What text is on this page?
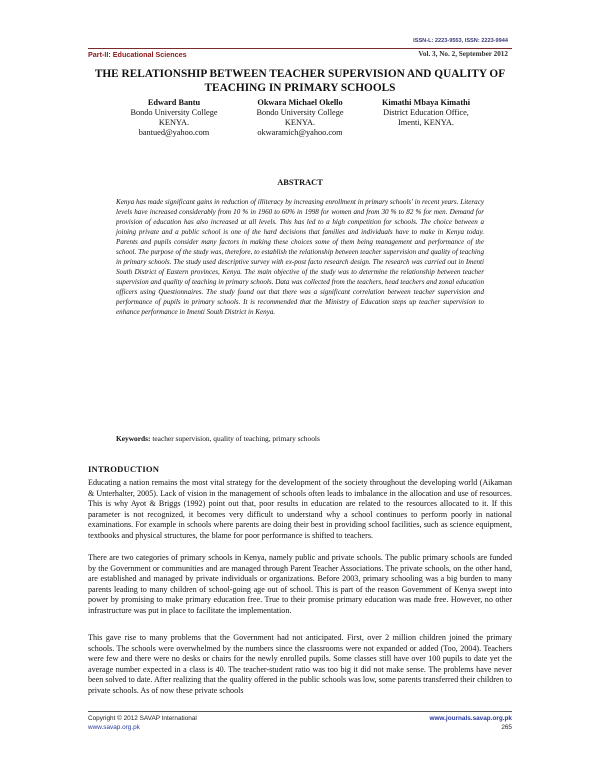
ISSN-L: 2223-9553, ISSN: 2223-9944
Part-II: Educational Sciences	Vol. 3, No. 2, September 2012
THE RELATIONSHIP BETWEEN TEACHER SUPERVISION AND QUALITY OF TEACHING IN PRIMARY SCHOOLS
Edward Bantu
Bondo University College
KENYA.
bantued@yahoo.com
Okwara Michael Okello
Bondo University College
KENYA.
okwaramich@yahoo.com
Kimathi Mbaya Kimathi
District Education Office,
Imenti, KENYA.
ABSTRACT
Kenya has made significant gains in reduction of illiteracy by increasing enrollment in primary schools' in recent years. Literacy levels have increased considerably from 10 % in 1960 to 60% in 1998 for women and from 30 % to 82 % for men. Demand for provision of education has also increased at all levels. This has led to a high competition for schools. The choice between a joining private and a public school is one of the hard decisions that families and individuals have to make in Kenya today. Parents and pupils consider many factors in making these choices some of them being management and performance of the school. The purpose of the study was, therefore, to establish the relationship between teacher supervision and quality of teaching in primary schools. The study used descriptive survey with ex-post facto research design. The research was carried out in Imenti South District of Eastern provinces, Kenya. The main objective of the study was to determine the relationship between teacher supervision and quality of teaching in primary schools. Data was collected from the teachers, head teachers and zonal education officers using Questionnaires. The study found out that there was a significant correlation between teacher supervision and performance of pupils in primary schools. It is recommended that the Ministry of Education steps up teacher supervision to enhance performance in Imenti South District in Kenya.
Keywords: teacher supervision, quality of teaching, primary schools
INTRODUCTION
Educating a nation remains the most vital strategy for the development of the society throughout the developing world (Aikaman & Unterhalter, 2005). Lack of vision in the management of schools often leads to imbalance in the allocation and use of resources. This is why Ayot & Briggs (1992) point out that, poor results in education are related to the resources allocated to it. If this parameter is not recognized, it becomes very difficult to understand why a school continues to perform poorly in national examinations. For example in schools where parents are doing their best in providing school facilities, such as science equipment, textbooks and physical structures, the blame for poor performance is shifted to teachers.
There are two categories of primary schools in Kenya, namely public and private schools. The public primary schools are funded by the Government or communities and are managed through Parent Teacher Associations. The private schools, on the other hand, are established and managed by private individuals or organizations. Before 2003, primary schooling was a big burden to many parents leading to many children of school-going age out of school. This is part of the reason Government of Kenya swept into power by promising to make primary education free. True to their promise primary education was made free. However, no other infrastructure was put in place to facilitate the implementation.
This gave rise to many problems that the Government had not anticipated. First, over 2 million children joined the primary schools. The schools were overwhelmed by the numbers since the classrooms were not expanded or added (Too, 2004). Teachers were few and there were no desks or chairs for the newly enrolled pupils. Some classes still have over 100 pupils to date yet the average number expected in a class is 40. The teacher-student ratio was too big it did not make sense. The problems have never been solved to date. After realizing that the quality offered in the public schools was low, some parents transferred their children to private schools. As of now these private schools
Copyright © 2012 SAVAP International
www.savap.org.pk
www.journals.savap.org.pk
265
